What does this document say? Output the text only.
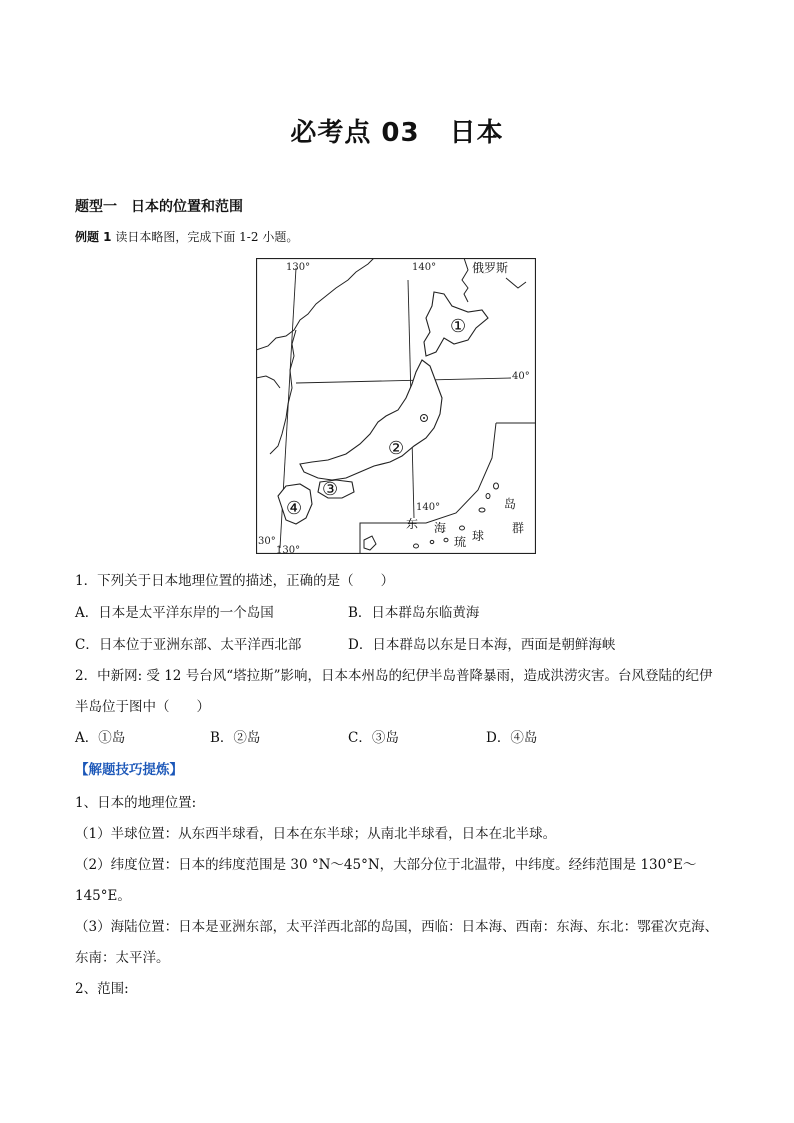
必考点 03 日本
题型一 日本的位置和范围
例题 1 读日本略图，完成下面 1-2 小题。
130°	140°
40°
140°
30°
130°
俄罗斯
东 海
琉 球
岛
群
①
②
③
④
1．下列关于日本地理位置的描述，正确的是（　　）
A．日本是太平洋东岸的一个岛国	B．日本群岛东临黄海
C．日本位于亚洲东部、太平洋西北部	D．日本群岛以东是日本海，西面是朝鲜海峡
2．中新网: 受 12 号台风“塔拉斯”影响，日本本州岛的纪伊半岛普降暴雨，造成洪涝灾害。台风登陆的纪伊
半岛位于图中（　　）
A．①岛	B．②岛	C．③岛	D．④岛
【解题技巧提炼】
1、日本的地理位置:
（1）半球位置：从东西半球看，日本在东半球；从南北半球看，日本在北半球。
（2）纬度位置：日本的纬度范围是 30 °N～45°N，大部分位于北温带，中纬度。经纬范围是 130°E～
145°E。
（3）海陆位置：日本是亚洲东部，太平洋西北部的岛国，西临：日本海、西南：东海、东北：鄂霍次克海、
东南：太平洋。
2、范围:
